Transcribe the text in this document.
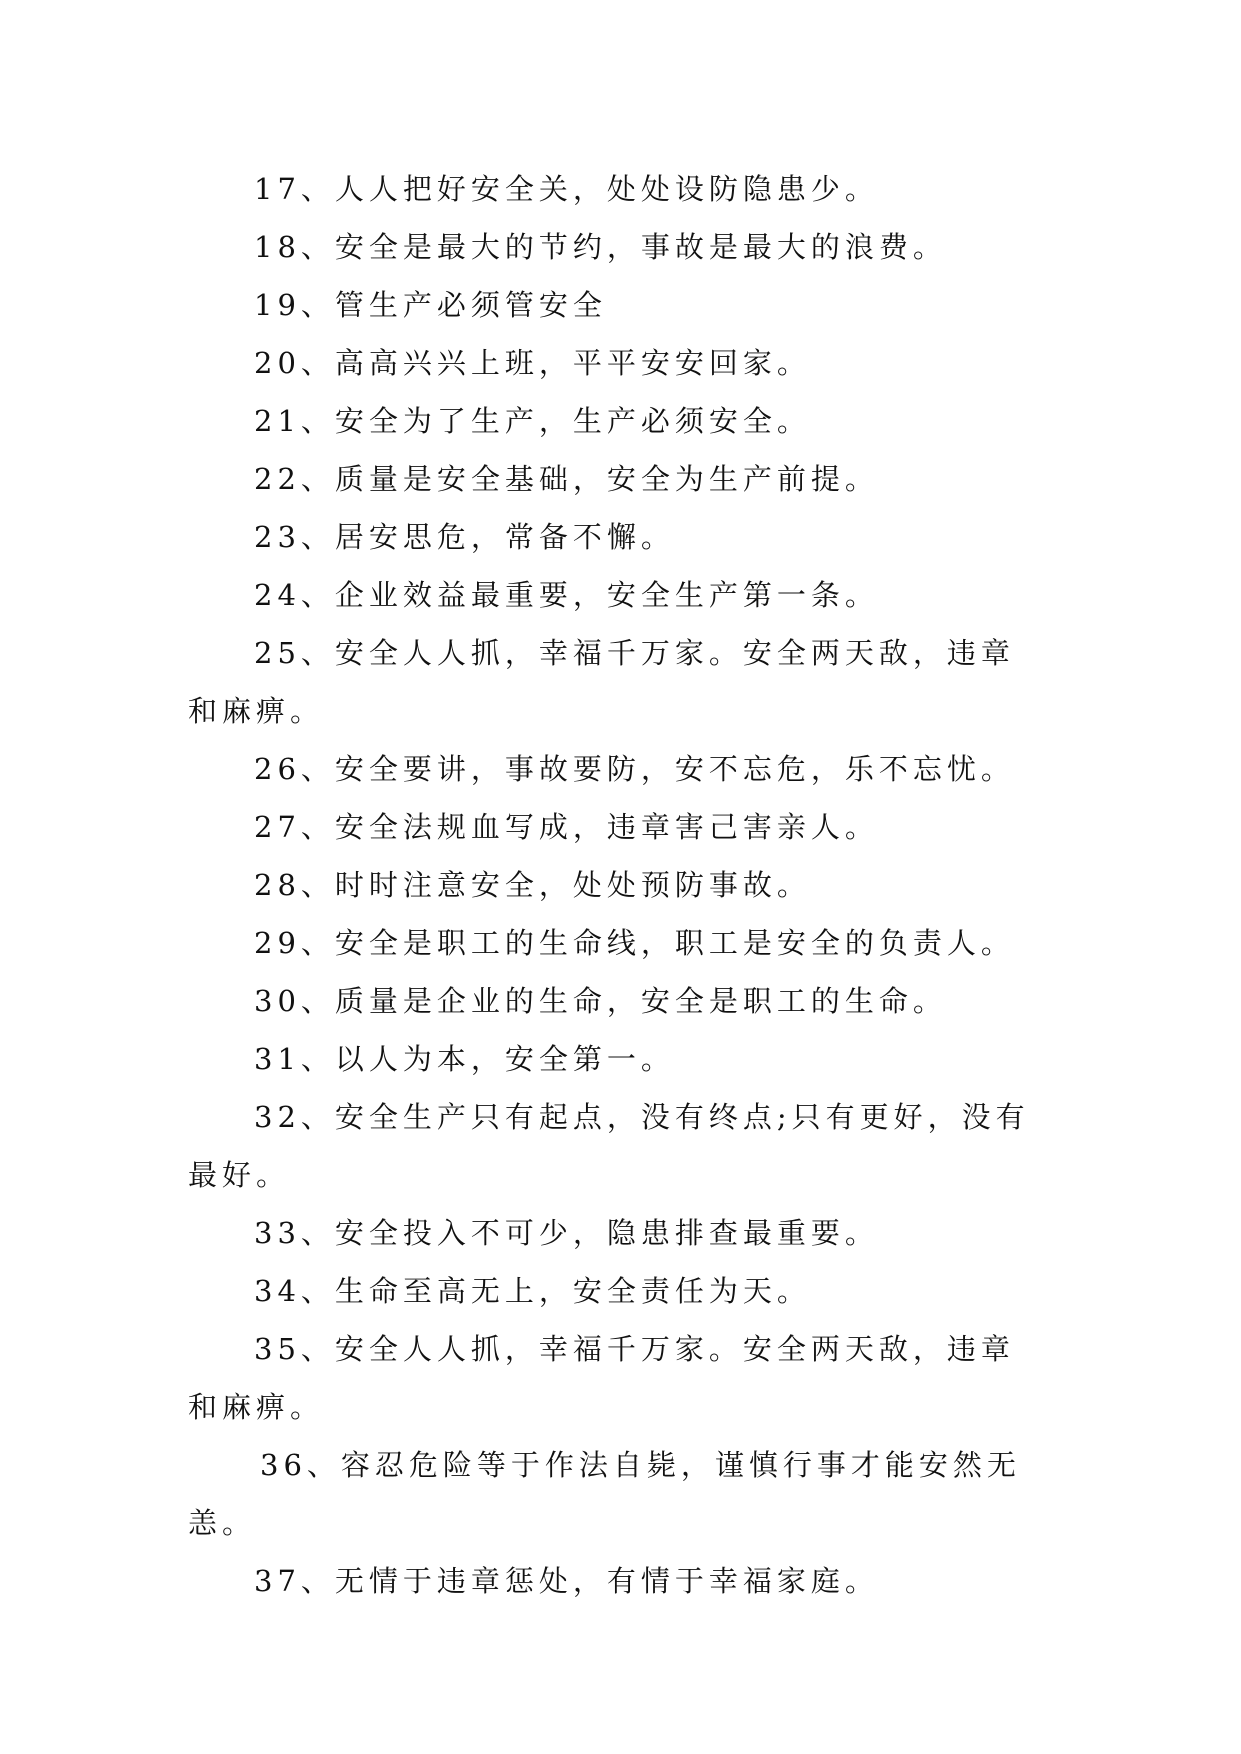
17、人人把好安全关，处处设防隐患少。

18、安全是最大的节约，事故是最大的浪费。

19、管生产必须管安全

20、高高兴兴上班，平平安安回家。

21、安全为了生产，生产必须安全。

22、质量是安全基础，安全为生产前提。

23、居安思危，常备不懈。

24、企业效益最重要，安全生产第一条。

25、安全人人抓，幸福千万家。安全两天敌，违章和麻痹。

26、安全要讲，事故要防，安不忘危，乐不忘忧。

27、安全法规血写成，违章害己害亲人。

28、时时注意安全，处处预防事故。

29、安全是职工的生命线，职工是安全的负责人。

30、质量是企业的生命，安全是职工的生命。

31、以人为本，安全第一。

32、安全生产只有起点，没有终点;只有更好，没有最好。

33、安全投入不可少，隐患排查最重要。

34、生命至高无上，安全责任为天。

35、安全人人抓，幸福千万家。安全两天敌，违章和麻痹。

36、容忍危险等于作法自毙，谨慎行事才能安然无恙。

37、无情于违章惩处，有情于幸福家庭。
